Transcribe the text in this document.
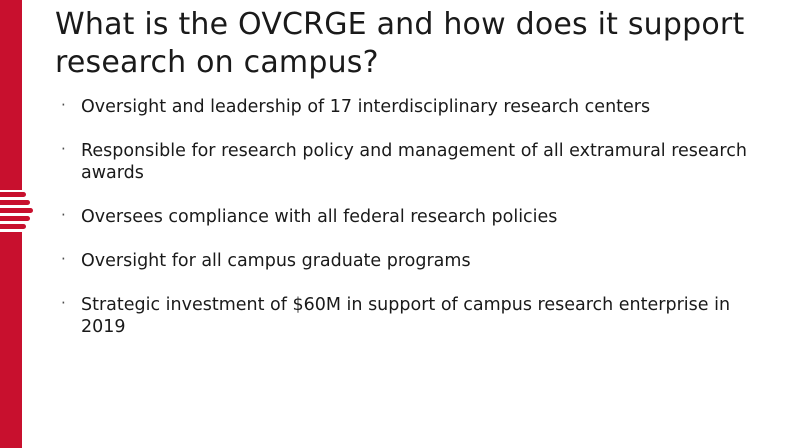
What is the OVCRGE and how does it support research on campus?
· Oversight and leadership of 17 interdisciplinary research centers
· Responsible for research policy and management of all extramural research awards
· Oversees compliance with all federal research policies
· Oversight for all campus graduate programs
· Strategic investment of $60M in support of campus research enterprise in 2019
